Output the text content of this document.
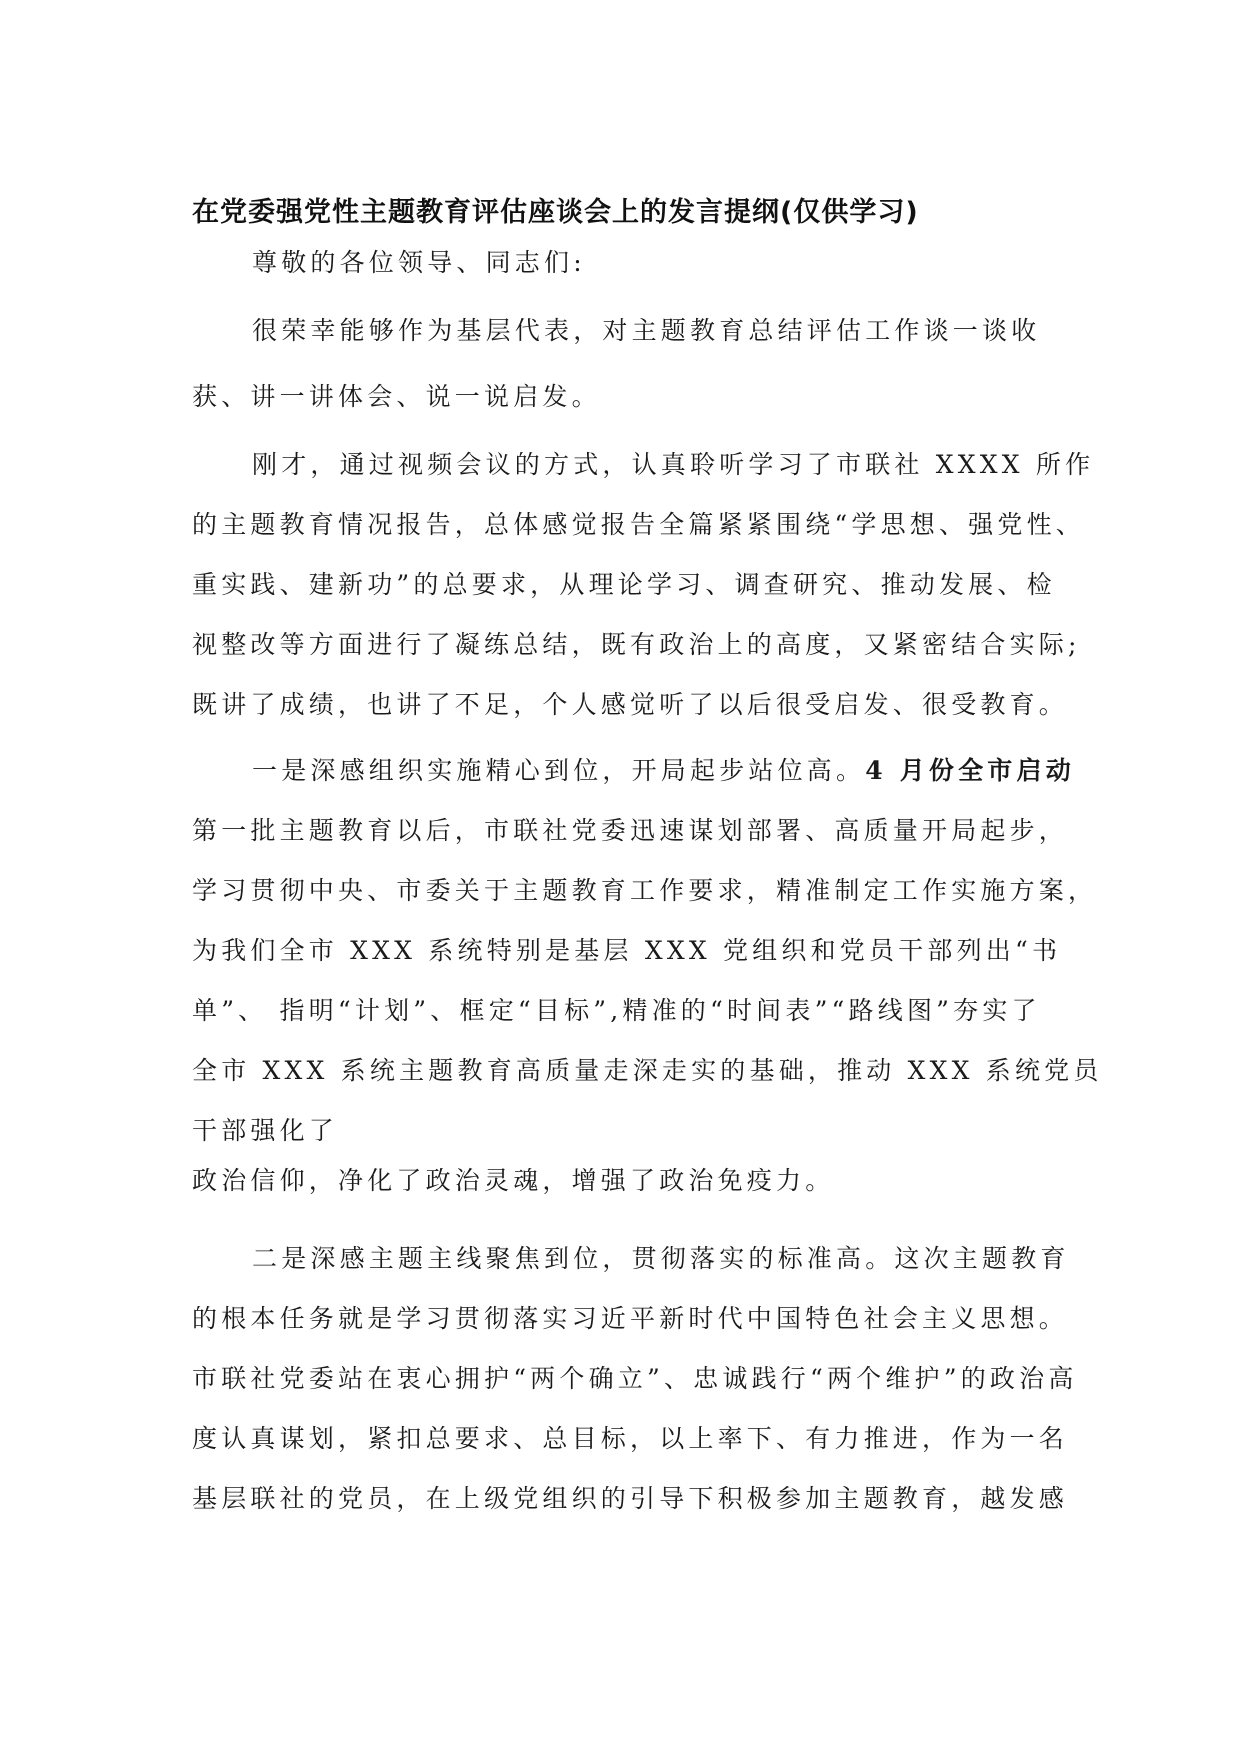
在党委强党性主题教育评估座谈会上的发言提纲(仅供学习)
尊敬的各位领导、同志们:
很荣幸能够作为基层代表，对主题教育总结评估工作谈一谈收
获、讲一讲体会、说一说启发。
刚才，通过视频会议的方式，认真聆听学习了市联社 XXXX 所作
的主题教育情况报告，总体感觉报告全篇紧紧围绕“学思想、强党性、
重实践、建新功”的总要求，从理论学习、调查研究、推动发展、检
视整改等方面进行了凝练总结，既有政治上的高度，又紧密结合实际;
既讲了成绩，也讲了不足，个人感觉听了以后很受启发、很受教育。
一是深感组织实施精心到位，开局起步站位高。4 月份全市启动
第一批主题教育以后，市联社党委迅速谋划部署、高质量开局起步，
学习贯彻中央、市委关于主题教育工作要求，精准制定工作实施方案，
为我们全市 XXX 系统特别是基层 XXX 党组织和党员干部列出“书
单”、 指明“计划”、框定“目标”,精准的“时间表”“路线图”夯实了
全市 XXX 系统主题教育高质量走深走实的基础，推动 XXX 系统党员
干部强化了
政治信仰，净化了政治灵魂，增强了政治免疫力。
二是深感主题主线聚焦到位，贯彻落实的标准高。这次主题教育
的根本任务就是学习贯彻落实习近平新时代中国特色社会主义思想。
市联社党委站在衷心拥护“两个确立”、忠诚践行“两个维护”的政治高
度认真谋划，紧扣总要求、总目标，以上率下、有力推进，作为一名
基层联社的党员，在上级党组织的引导下积极参加主题教育，越发感
